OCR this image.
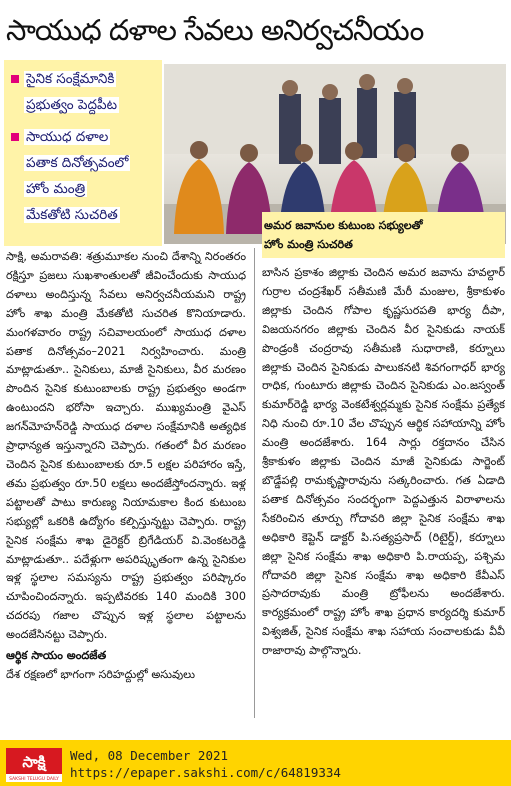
సాయుధ దళాల సేవలు అనిర్వచనీయం
సైనిక సంక్షేమానికి
ప్రభుత్వం పెద్దపీట
సాయుధ దళాల
పతాక దినోత్సవంలో
హోం మంత్రి
మేకతోటి సుచరిత

సాక్షి, అమరావతి: శత్రుమూకల నుంచి దేశాన్ని నిరంతరం రక్షిస్తూ ప్రజలు సుఖశాంతులతో జీవించేందుకు సాయుధ దళాలు అందిస్తున్న సేవలు అనిర్వచనీయమని రాష్ట్ర హోం శాఖ మంత్రి మేకతోటి సుచరిత కొనియాడారు. మంగళవారం రాష్ట్ర సచివాలయంలో సాయుధ దళాల పతాక దినోత్సవం–2021 నిర్వహించారు. మంత్రి మాట్లాడుతూ.. సైనికులు, మాజీ సైనికులు, వీర మరణం పొందిన సైనిక కుటుంబాలకు రాష్ట్ర ప్రభుత్వం అండగా ఉంటుందని భరోసా ఇచ్చారు. ముఖ్యమంత్రి వైఎస్ జగన్‌మోహన్‌రెడ్డి సాయుధ దళాల సంక్షేమానికి అత్యధిక ప్రాధాన్యత ఇస్తున్నారని చెప్పారు. గతంలో వీర మరణం చెందిన సైనిక కుటుంబాలకు రూ.5 లక్షల పరిహారం ఇస్తే, తమ ప్రభుత్వం రూ.50 లక్షలు అందజేస్తోందన్నారు. ఇళ్ల పట్టాలతో పాటు కారుణ్య నియామకాల కింద కుటుంబ సభ్యుల్లో ఒకరికి ఉద్యోగం కల్పిస్తున్నట్టు చెప్పారు. రాష్ట్ర సైనిక సంక్షేమ శాఖ డైరెక్టర్ బ్రిగేడియర్ వి.వెంకటరెడ్డి మాట్లాడుతూ.. పదేళ్లుగా అపరిష్కృతంగా ఉన్న సైనికుల ఇళ్ల స్థలాల సమస్యను రాష్ట్ర ప్రభుత్వం పరిష్కారం చూపించిందన్నారు. ఇప్పటివరకు 140 మందికి 300 చదరపు గజాల చొప్పున ఇళ్ల స్థలాల పట్టాలను అందజేసినట్టు చెప్పారు.

ఆర్థిక సాయం అందజేత

దేశ రక్షణలో భాగంగా సరిహద్దుల్లో అసువులు

అమర జవానుల కుటుంబ సభ్యులతో
హోం మంత్రి సుచరిత

బాసిన ప్రకాశం జిల్లాకు చెందిన అమర జవాను హవల్దార్ గుర్రాల చంద్రశేఖర్ సతీమణి మేరీ మంజుల, శ్రీకాకుళం జిల్లాకు చెందిన గోపాల కృష్ణసురపతి భార్య దీపా, విజయనగరం జిల్లాకు చెందిన వీర సైనికుడు నాయక్ పొండ్రంకి చంద్రరావు సతీమణి సుధారాణి, కర్నూలు జిల్లాకు చెందిన సైనికుడు పాలుకనటి శివగంగాధర్ భార్య రాధిక, గుంటూరు జిల్లాకు చెందిన సైనికుడు ఎం.జస్వంత్ కుమార్‌రెడ్డి భార్య వెంకటేశ్వర్లమ్మకు సైనిక సంక్షేమ ప్రత్యేక నిధి నుంచి రూ.10 వేల చొప్పున ఆర్థిక సహాయాన్ని హోం మంత్రి అందజేశారు. 164 సార్లు రక్తదానం చేసిన శ్రీకాకుళం జిల్లాకు చెందిన మాజీ సైనికుడు సార్జెంట్ బొడ్డేపల్లి రామకృష్ణారావును సత్కరించారు. గత ఏడాది పతాక దినోత్సవం సందర్భంగా పెద్దఎత్తున విరాళాలను సేకరించిన తూర్పు గోదావరి జిల్లా సైనిక సంక్షేమ శాఖ అధికారి కెప్టెన్ డాక్టర్ పి.సత్యప్రసాద్ (రిటైర్డ్), కర్నూలు జిల్లా సైనిక సంక్షేమ శాఖ అధికారి పి.రాయప్ప, పశ్చిమ గోదావరి జిల్లా సైనిక సంక్షేమ శాఖ అధికారి కేవీఎస్ ప్రసాదరావుకు మంత్రి ట్రోఫీలను అందజేశారు. కార్యక్రమంలో రాష్ట్ర హోం శాఖ ప్రధాన కార్యదర్శి కుమార్ విశ్వజిత్, సైనిక సంక్షేమ శాఖ సహాయ సంచాలకుడు వీవీ రాజారావు పాల్గొన్నారు.

సాక్షి
SAKSHI TELUGU DAILY
Wed, 08 December 2021
https://epaper.sakshi.com/c/64819334
